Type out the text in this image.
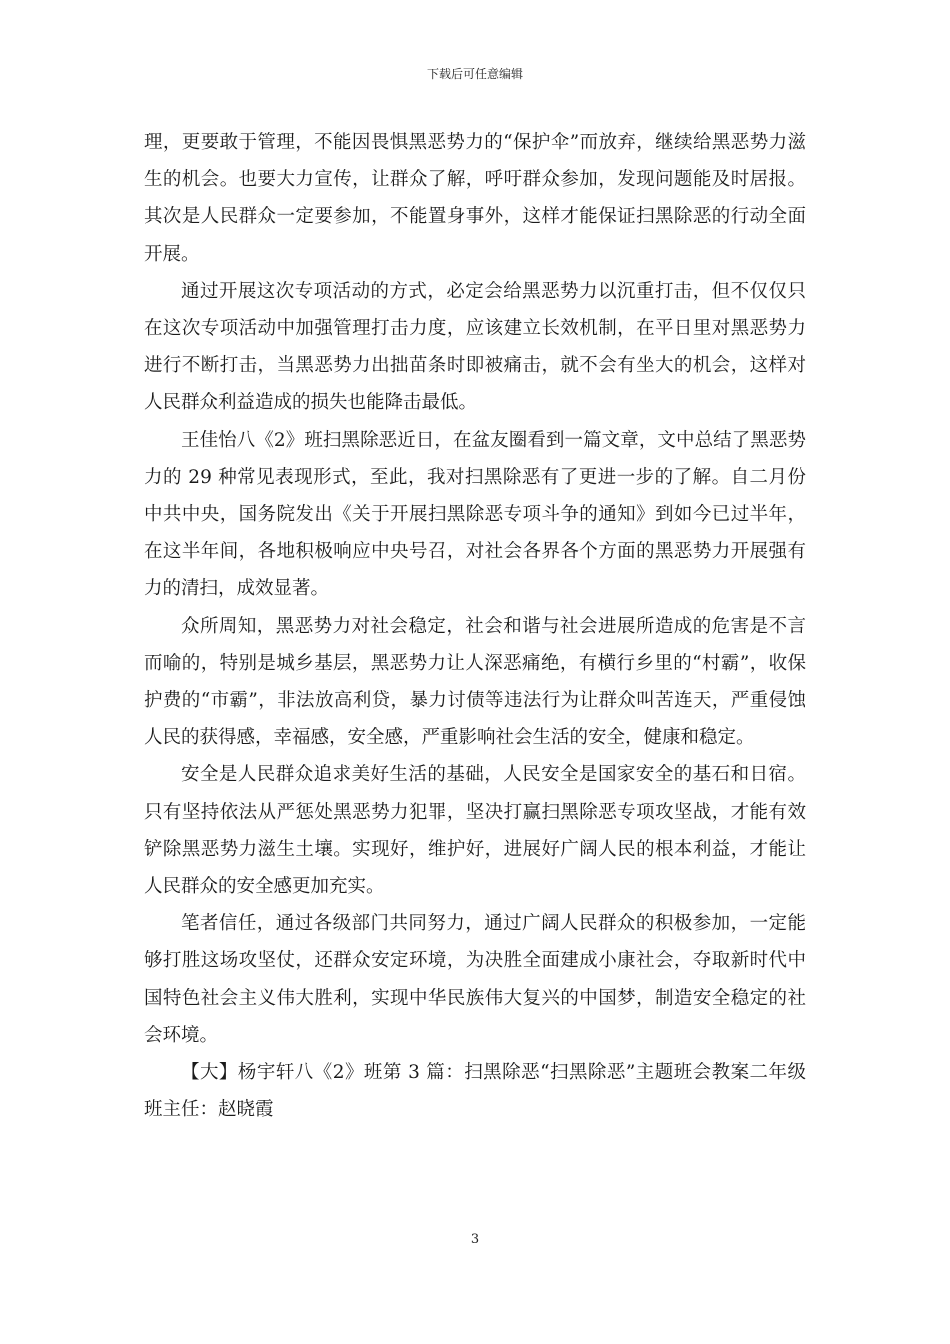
下载后可任意编辑

理，更要敢于管理，不能因畏惧黑恶势力的“保护伞”而放弃，继续给黑恶势力滋生的机会。也要大力宣传，让群众了解，呼吁群众参加，发现问题能及时居报。其次是人民群众一定要参加，不能置身事外，这样才能保证扫黑除恶的行动全面开展。

通过开展这次专项活动的方式，必定会给黑恶势力以沉重打击，但不仅仅只在这次专项活动中加强管理打击力度，应该建立长效机制，在平日里对黑恶势力进行不断打击，当黑恶势力出拙苗条时即被痛击，就不会有坐大的机会，这样对人民群众利益造成的损失也能降击最低。

王佳怡八《2》班扫黑除恶近日，在盆友圈看到一篇文章，文中总结了黑恶势力的 29 种常见表现形式，至此，我对扫黑除恶有了更进一步的了解。自二月份中共中央，国务院发出《关于开展扫黑除恶专项斗争的通知》到如今已过半年，在这半年间，各地积极响应中央号召，对社会各界各个方面的黑恶势力开展强有力的清扫，成效显著。

众所周知，黑恶势力对社会稳定，社会和谐与社会进展所造成的危害是不言而喻的，特别是城乡基层，黑恶势力让人深恶痛绝，有横行乡里的“村霸”，收保护费的“市霸”，非法放高利贷，暴力讨债等违法行为让群众叫苦连天，严重侵蚀人民的获得感，幸福感，安全感，严重影响社会生活的安全，健康和稳定。

安全是人民群众追求美好生活的基础，人民安全是国家安全的基石和日宿。只有坚持依法从严惩处黑恶势力犯罪，坚决打赢扫黑除恶专项攻坚战，才能有效铲除黑恶势力滋生土壤。实现好，维护好，进展好广阔人民的根本利益，才能让人民群众的安全感更加充实。

笔者信任，通过各级部门共同努力，通过广阔人民群众的积极参加，一定能够打胜这场攻坚仗，还群众安定环境，为决胜全面建成小康社会，夺取新时代中国特色社会主义伟大胜利，实现中华民族伟大复兴的中国梦，制造安全稳定的社会环境。

【大】杨宇轩八《2》班第 3 篇：扫黑除恶“扫黑除恶”主题班会教案二年级班主任：赵晓霞

3
